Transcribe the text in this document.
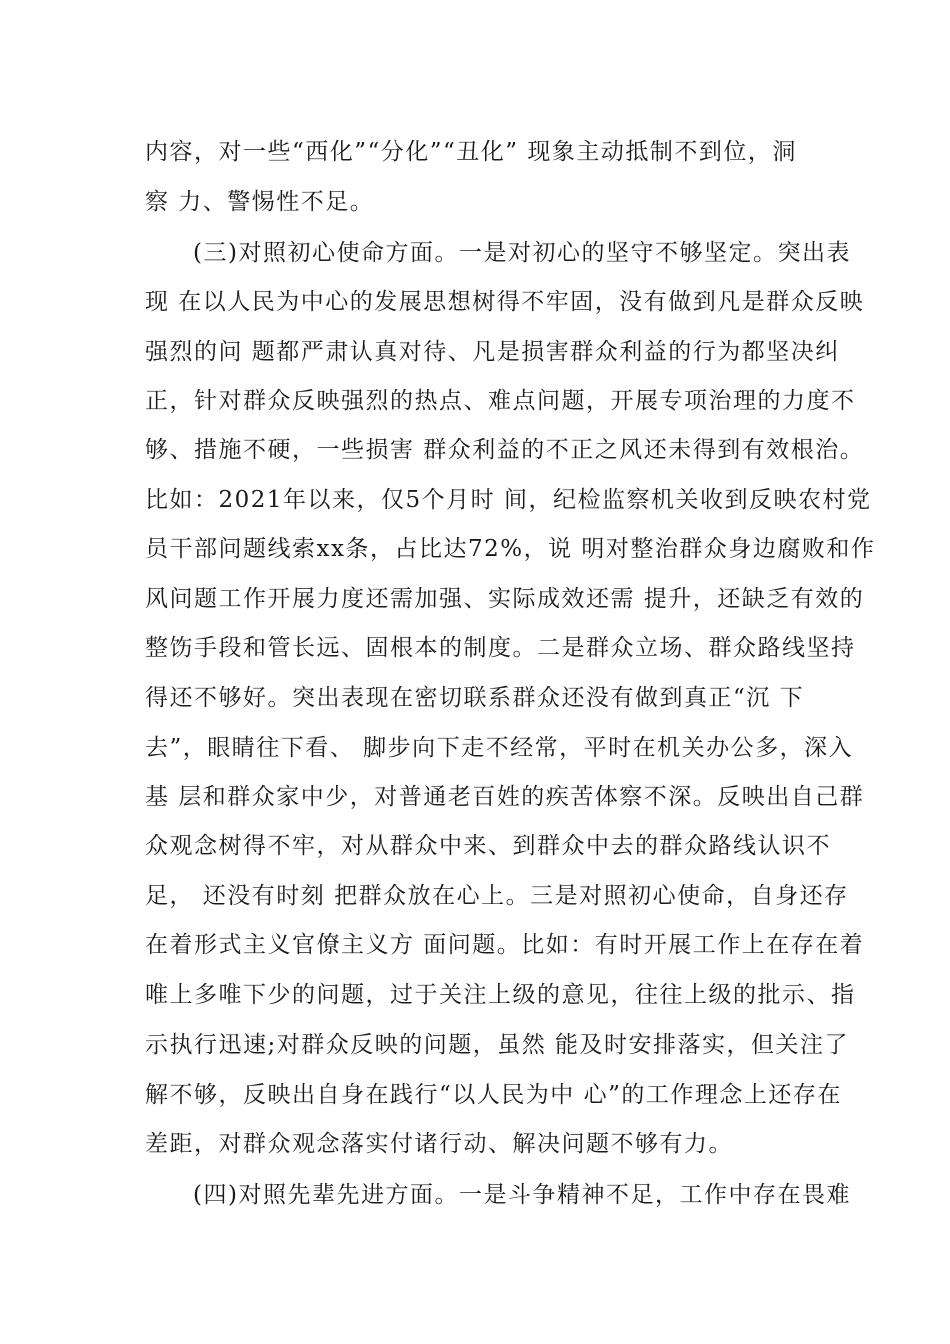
内容，对一些“西化”“分化”“丑化” 现象主动抵制不到位，洞
察 力、警惕性不足。
(三)对照初心使命方面。一是对初心的坚守不够坚定。突出表
现 在以人民为中心的发展思想树得不牢固，没有做到凡是群众反映
强烈的问 题都严肃认真对待、凡是损害群众利益的行为都坚决纠
正，针对群众反映强烈的热点、难点问题，开展专项治理的力度不
够、措施不硬，一些损害 群众利益的不正之风还未得到有效根治。
比如：2021年以来，仅5个月时 间，纪检监察机关收到反映农村党
员干部问题线索xx条，占比达72%，说 明对整治群众身边腐败和作
风问题工作开展力度还需加强、实际成效还需 提升，还缺乏有效的
整饬手段和管长远、固根本的制度。二是群众立场、群众路线坚持
得还不够好。突出表现在密切联系群众还没有做到真正“沉 下
去”，眼睛往下看、 脚步向下走不经常，平时在机关办公多，深入
基 层和群众家中少，对普通老百姓的疾苦体察不深。反映出自己群
众观念树得不牢，对从群众中来、到群众中去的群众路线认识不
足， 还没有时刻 把群众放在心上。三是对照初心使命，自身还存
在着形式主义官僚主义方 面问题。比如：有时开展工作上在存在着
唯上多唯下少的问题，过于关注上级的意见，往往上级的批示、指
示执行迅速;对群众反映的问题，虽然 能及时安排落实，但关注了
解不够，反映出自身在践行“以人民为中 心”的工作理念上还存在
差距，对群众观念落实付诸行动、解决问题不够有力。
(四)对照先辈先进方面。一是斗争精神不足，工作中存在畏难
